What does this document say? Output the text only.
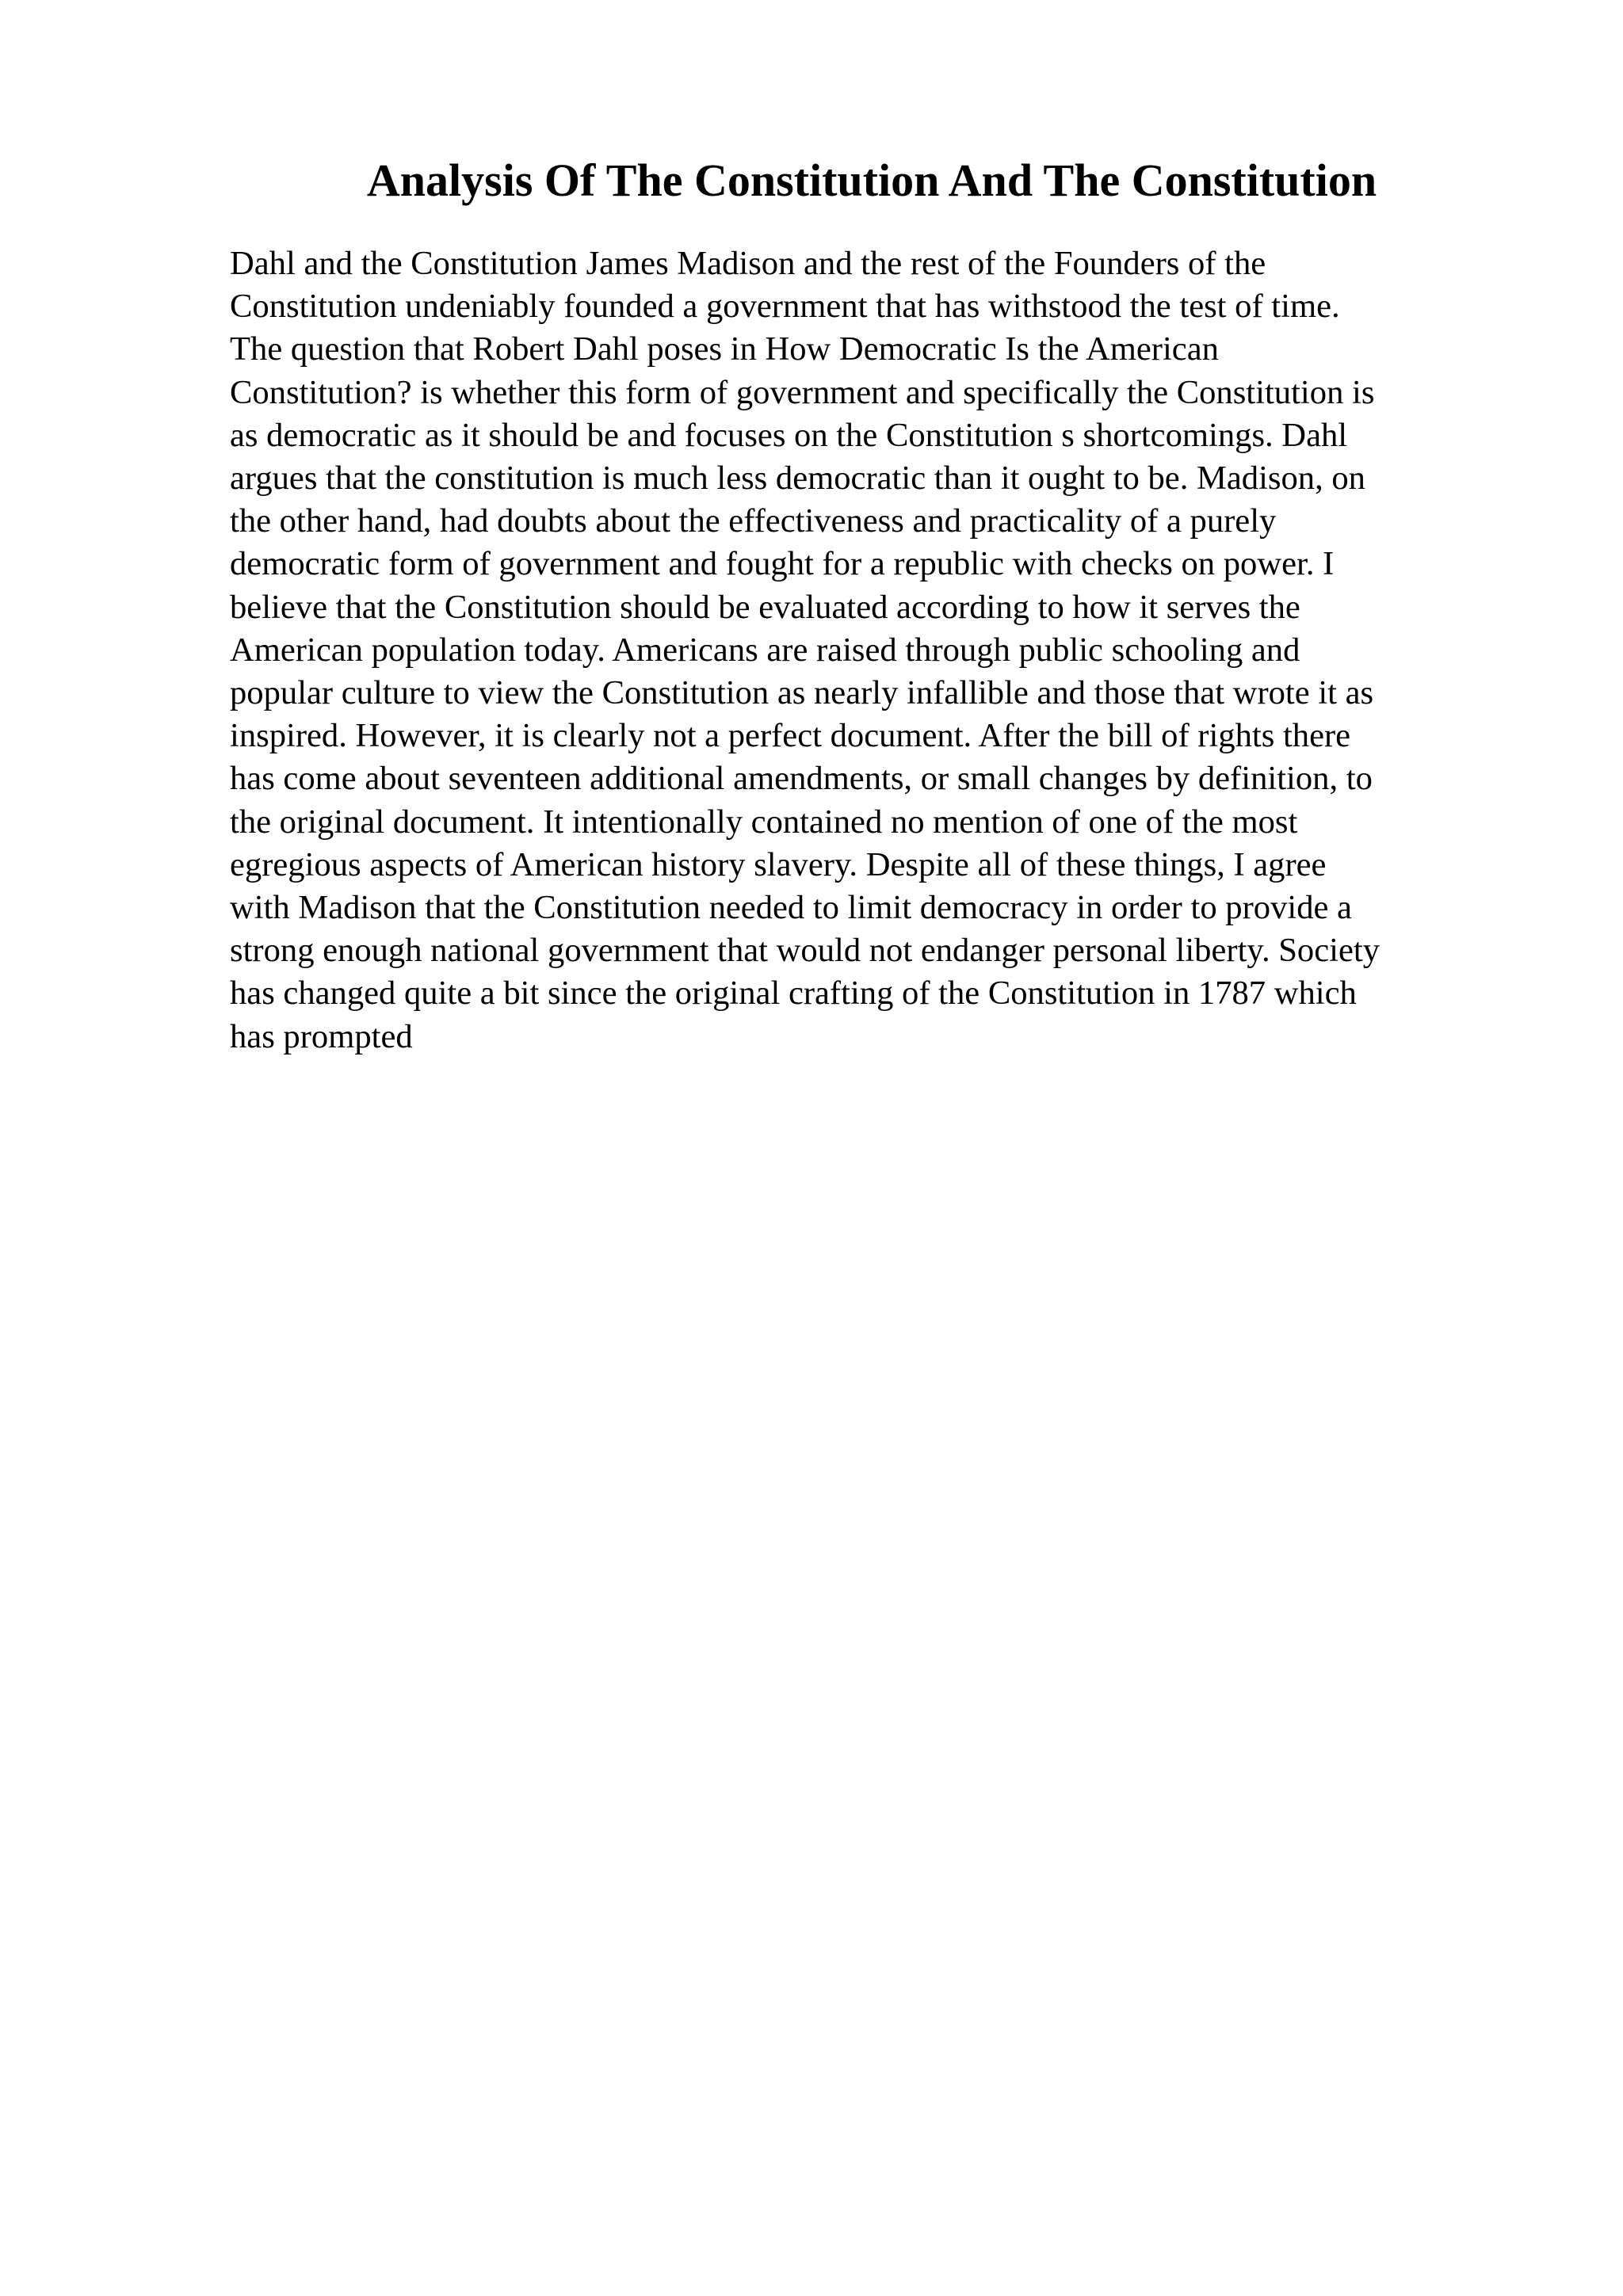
Analysis Of The Constitution And The Constitution
Dahl and the Constitution James Madison and the rest of the Founders of the
Constitution undeniably founded a government that has withstood the test of time.
The question that Robert Dahl poses in How Democratic Is the American
Constitution? is whether this form of government and specifically the Constitution is
as democratic as it should be and focuses on the Constitution s shortcomings. Dahl
argues that the constitution is much less democratic than it ought to be. Madison, on
the other hand, had doubts about the effectiveness and practicality of a purely
democratic form of government and fought for a republic with checks on power. I
believe that the Constitution should be evaluated according to how it serves the
American population today. Americans are raised through public schooling and
popular culture to view the Constitution as nearly infallible and those that wrote it as
inspired. However, it is clearly not a perfect document. After the bill of rights there
has come about seventeen additional amendments, or small changes by definition, to
the original document. It intentionally contained no mention of one of the most
egregious aspects of American history slavery. Despite all of these things, I agree
with Madison that the Constitution needed to limit democracy in order to provide a
strong enough national government that would not endanger personal liberty. Society
has changed quite a bit since the original crafting of the Constitution in 1787 which
has prompted
